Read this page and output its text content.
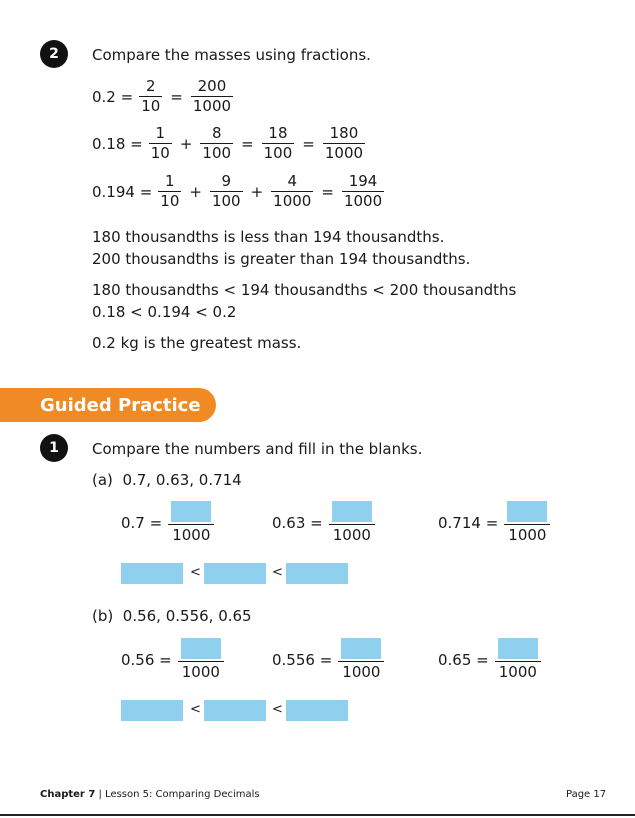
2 Compare the masses using fractions.
$0.2 = \frac{2}{10} = \frac{200}{1000}$
$0.18 = \frac{1}{10} + \frac{8}{100} = \frac{18}{100} = \frac{180}{1000}$
$0.194 = \frac{1}{10} + \frac{9}{100} + \frac{4}{1000} = \frac{194}{1000}$
180 thousandths is less than 194 thousandths.
200 thousandths is greater than 194 thousandths.
180 thousandths < 194 thousandths < 200 thousandths
0.18 < 0.194 < 0.2
0.2 kg is the greatest mass.
Guided Practice
1 Compare the numbers and fill in the blanks.
(a) 0.7, 0.63, 0.714
0.7 =
1000
0.63 =
1000
0.714 =
1000
<	<
(b) 0.56, 0.556, 0.65
0.56 =
1000
0.556 =
1000
0.65 =
1000
<	<
Chapter 7 | Lesson 5: Comparing Decimals	Page 17
